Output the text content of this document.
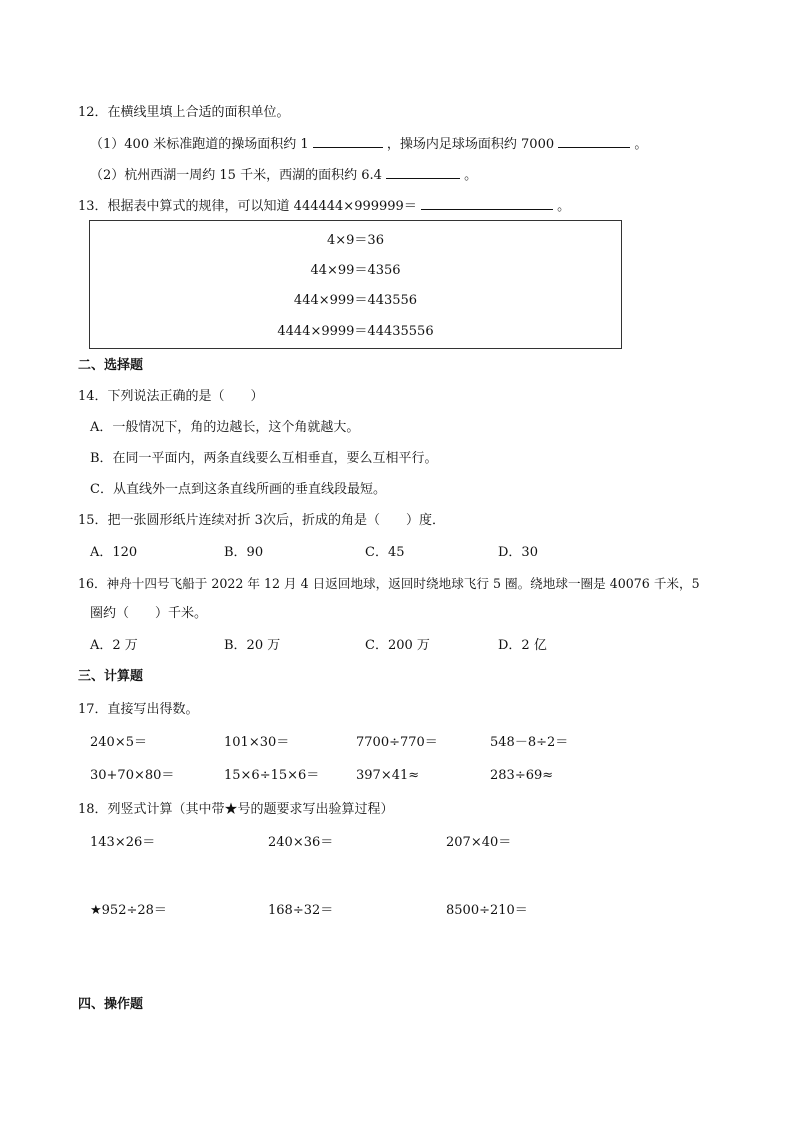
12．在横线里填上合适的面积单位。
（1）400 米标准跑道的操场面积约 1	，操场内足球场面积约 7000	。
（2）杭州西湖一周约 15 千米，西湖的面积约 6.4	。
13．根据表中算式的规律，可以知道 444444×999999＝	。
4×9＝36
44×99＝4356
444×999＝443556
4444×9999＝44435556
二、选择题
14．下列说法正确的是（　　）
A．一般情况下，角的边越长，这个角就越大。
B．在同一平面内，两条直线要么互相垂直，要么互相平行。
C．从直线外一点到这条直线所画的垂直线段最短。
15．把一张圆形纸片连续对折 3次后，折成的角是（　　）度．
A．120	B．90	C．45	D．30
16．神舟十四号飞船于 2022 年 12 月 4 日返回地球，返回时绕地球飞行 5 圈。绕地球一圈是 40076 千米，5
圈约（　　）千米。
A．2 万	B．20 万	C．200 万	D．2 亿
三、计算题
17．直接写出得数。
240×5＝	101×30＝	7700÷770＝	548－8÷2＝
30+70×80＝	15×6÷15×6＝	397×41≈	283÷69≈
18．列竖式计算（其中带★号的题要求写出验算过程）
143×26＝	240×36＝	207×40＝
★952÷28＝	168÷32＝	8500÷210＝
四、操作题
